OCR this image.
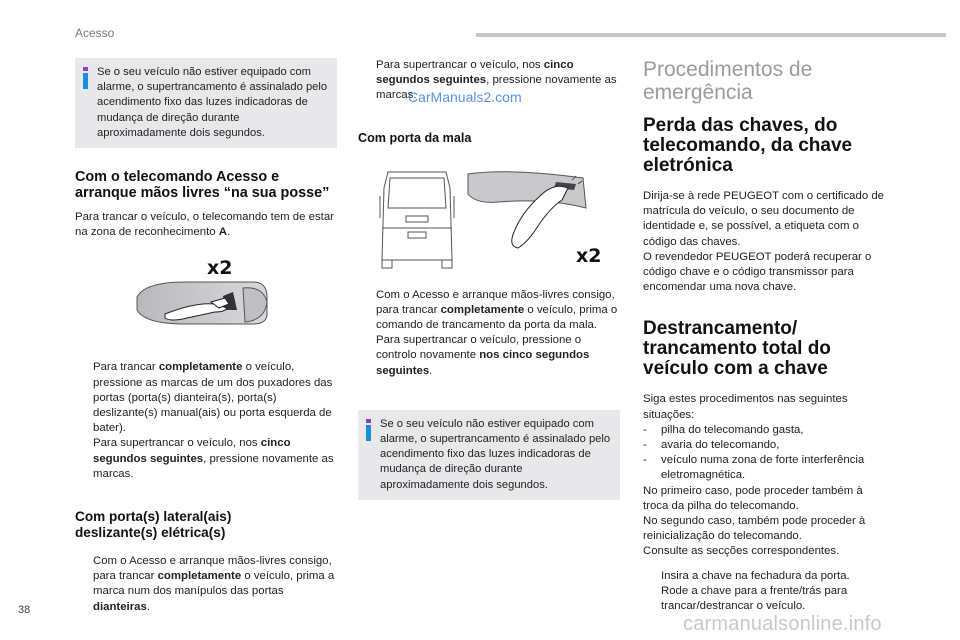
Acesso

Se o seu veículo não estiver equipado com alarme, o supertrancamento é assinalado pelo acendimento fixo das luzes indicadoras de mudança de direção durante aproximadamente dois segundos.

Com o telecomando Acesso e arranque mãos livres “na sua posse”

Para trancar o veículo, o telecomando tem de estar na zona de reconhecimento A.

x2
Para trancar completamente o veículo, pressione as marcas de um dos puxadores das portas (porta(s) dianteira(s), porta(s) deslizante(s) manual(ais) ou porta esquerda de bater).
Para supertrancar o veículo, nos cinco segundos seguintes, pressione novamente as marcas.
Com porta(s) lateral(ais) deslizante(s) elétrica(s)
Com o Acesso e arranque mãos-livres consigo, para trancar completamente o veículo, prima a marca num dos manípulos das portas dianteiras.
Para supertrancar o veículo, nos cinco segundos seguintes, pressione novamente as marcas.
Com porta da mala
x2
Com o Acesso e arranque mãos-livres consigo, para trancar completamente o veículo, prima o comando de trancamento da porta da mala.
Para supertrancar o veículo, pressione o controlo novamente nos cinco segundos seguintes.

Se o seu veículo não estiver equipado com alarme, o supertrancamento é assinalado pelo acendimento fixo das luzes indicadoras de mudança de direção durante aproximadamente dois segundos.

CarManuals2.com
Procedimentos de emergência
Perda das chaves, do telecomando, da chave eletrónica

Dirija-se à rede PEUGEOT com o certificado de matrícula do veículo, o seu documento de identidade e, se possível, a etiqueta com o código das chaves.

O revendedor PEUGEOT poderá recuperar o código chave e o código transmissor para encomendar uma nova chave.

Destrancamento/ trancamento total do veículo com a chave

Siga estes procedimentos nas seguintes situações:

-	pilha do telecomando gasta,
-	avaria do telecomando,
-	veículo numa zona de forte interferência eletromagnética.

No primeiro caso, pode proceder também à troca da pilha do telecomando.

No segundo caso, também pode proceder à reinicialização do telecomando.

Consulte as secções correspondentes.

Insira a chave na fechadura da porta.
Rode a chave para a frente/trás para trancar/destrancar o veículo.
38
carmanualsonline.info
